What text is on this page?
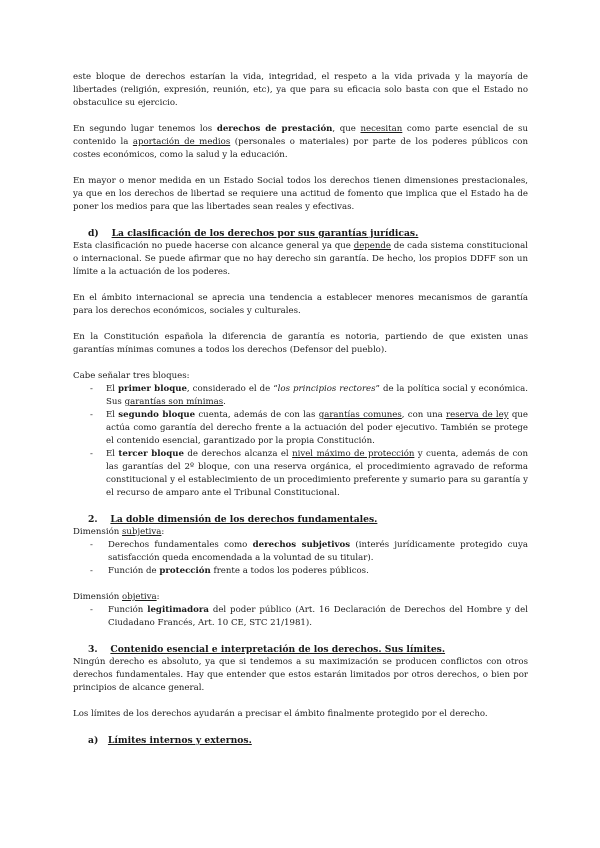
este bloque de derechos estarían la vida, integridad, el respeto a la vida privada y la mayoría de libertades (religión, expresión, reunión, etc), ya que para su eficacia solo basta con que el Estado no obstaculice su ejercicio.

En segundo lugar tenemos los derechos de prestación, que necesitan como parte esencial de su contenido la aportación de medios (personales o materiales) por parte de los poderes públicos con costes económicos, como la salud y la educación.

En mayor o menor medida en un Estado Social todos los derechos tienen dimensiones prestacionales, ya que en los derechos de libertad se requiere una actitud de fomento que implica que el Estado ha de poner los medios para que las libertades sean reales y efectivas.

d) La clasificación de los derechos por sus garantías jurídicas.

Esta clasificación no puede hacerse con alcance general ya que depende de cada sistema constitucional o internacional. Se puede afirmar que no hay derecho sin garantía. De hecho, los propios DDFF son un límite a la actuación de los poderes.

En el ámbito internacional se aprecia una tendencia a establecer menores mecanismos de garantía para los derechos económicos, sociales y culturales.

En la Constitución española la diferencia de garantía es notoria, partiendo de que existen unas garantías mínimas comunes a todos los derechos (Defensor del pueblo).

Cabe señalar tres bloques:

- El primer bloque, considerado el de “los principios rectores” de la política social y económica. Sus garantías son mínimas.
- El segundo bloque cuenta, además de con las garantías comunes, con una reserva de ley que actúa como garantía del derecho frente a la actuación del poder ejecutivo. También se protege el contenido esencial, garantizado por la propia Constitución.
- El tercer bloque de derechos alcanza el nivel máximo de protección y cuenta, además de con las garantías del 2º bloque, con una reserva orgánica, el procedimiento agravado de reforma constitucional y el establecimiento de un procedimiento preferente y sumario para su garantía y el recurso de amparo ante el Tribunal Constitucional.

2. La doble dimensión de los derechos fundamentales.

Dimensión subjetiva:

- Derechos fundamentales como derechos subjetivos (interés jurídicamente protegido cuya satisfacción queda encomendada a la voluntad de su titular).
- Función de protección frente a todos los poderes públicos.

Dimensión objetiva:

- Función legitimadora del poder público (Art. 16 Declaración de Derechos del Hombre y del Ciudadano Francés, Art. 10 CE, STC 21/1981).

3. Contenido esencial e interpretación de los derechos. Sus límites.

Ningún derecho es absoluto, ya que si tendemos a su maximización se producen conflictos con otros derechos fundamentales. Hay que entender que estos estarán limitados por otros derechos, o bien por principios de alcance general.

Los límites de los derechos ayudarán a precisar el ámbito finalmente protegido por el derecho.

a) Límites internos y externos.
